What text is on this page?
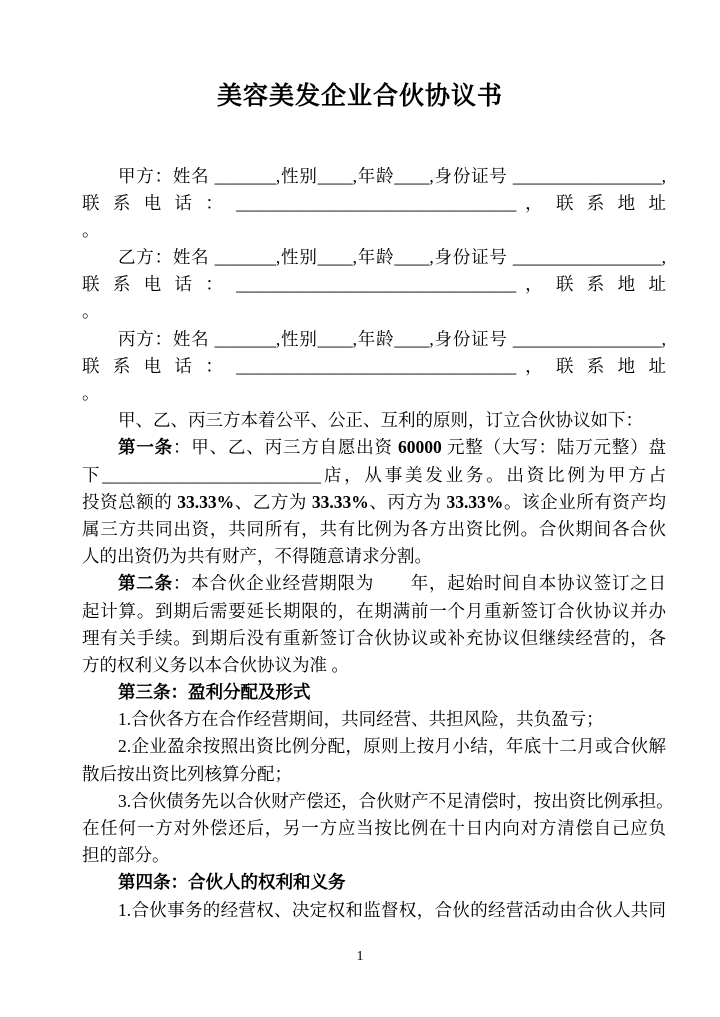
美容美发企业合伙协议书
甲方：姓名 _______,性别____,年龄____,身份证号 _________________,
联 系 电 话 ： ________________________________ ， 联 系 地 址
。
乙方：姓名 _______,性别____,年龄____,身份证号 _________________,
联 系 电 话 ： ________________________________ ， 联 系 地 址
。
丙方：姓名 _______,性别____,年龄____,身份证号 _________________,
联 系 电 话 ： ________________________________ ， 联 系 地 址
。
甲、乙、丙三方本着公平、公正、互利的原则，订立合伙协议如下：
第一条：甲、乙、丙三方自愿出资 60000 元整（大写：陆万元整）盘
下_________________________店，从事美发业务。出资比例为甲方占
投资总额的 33.33%、乙方为 33.33%、丙方为 33.33%。该企业所有资产均
属三方共同出资，共同所有，共有比例为各方出资比例。合伙期间各合伙
人的出资仍为共有财产，不得随意请求分割。
第二条：本合伙企业经营期限为　　年，起始时间自本协议签订之日
起计算。到期后需要延长期限的，在期满前一个月重新签订合伙协议并办
理有关手续。到期后没有重新签订合伙协议或补充协议但继续经营的，各
方的权利义务以本合伙协议为准 。
第三条：盈利分配及形式
1.合伙各方在合作经营期间，共同经营、共担风险，共负盈亏；
2.企业盈余按照出资比例分配，原则上按月小结，年底十二月或合伙解
散后按出资比列核算分配；
3.合伙债务先以合伙财产偿还，合伙财产不足清偿时，按出资比例承担。
在任何一方对外偿还后，另一方应当按比例在十日内向对方清偿自己应负
担的部分。
第四条：合伙人的权利和义务
1.合伙事务的经营权、决定权和监督权，合伙的经营活动由合伙人共同
1
